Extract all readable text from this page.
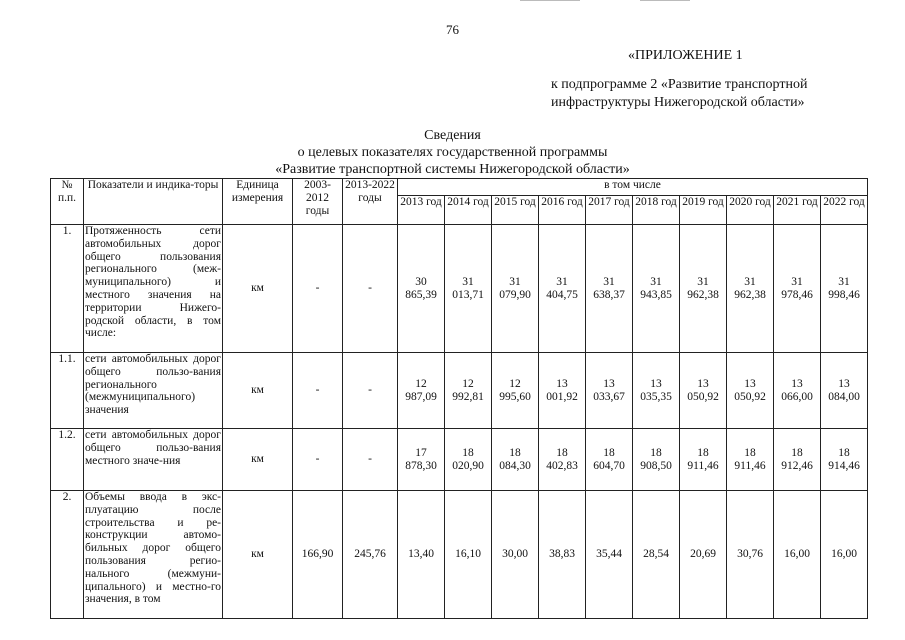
76
«ПРИЛОЖЕНИЕ 1
к подпрограмме 2 «Развитие транспортной
инфраструктуры Нижегородской области»
Сведения
о целевых показателях государственной программы
«Развитие транспортной системы Нижегородской области»
№ п.п.	Показатели и индика-торы	Единица измерения	2003-2012 годы	2013-2022 годы	в том числе									
					2013 год	2014 год	2015 год	2016 год	2017 год	2018 год	2019 год	2020 год	2021 год	2022 год
1.	Протяженность сети автомобильных дорог общего пользования регионального (меж-муниципального) и местного значения на территории Нижего-родской области, в том числе:	км	-	-	30 865,39	31 013,71	31 079,90	31 404,75	31 638,37	31 943,85	31 962,38	31 962,38	31 978,46	31 998,46
1.1.	сети автомобильных дорог общего пользо-вания регионального (межмуниципального) значения	км	-	-	12 987,09	12 992,81	12 995,60	13 001,92	13 033,67	13 035,35	13 050,92	13 050,92	13 066,00	13 084,00
1.2.	сети автомобильных дорог общего пользо-вания местного значе-ния	км	-	-	17 878,30	18 020,90	18 084,30	18 402,83	18 604,70	18 908,50	18 911,46	18 911,46	18 912,46	18 914,46
2.	Объемы ввода в экс-плуатацию после строительства и ре-конструкции автомо-бильных дорог общего пользования регио-нального (межмуни-ципального) и местно-го значения, в том	км	166,90	245,76	13,40	16,10	30,00	38,83	35,44	28,54	20,69	30,76	16,00	16,00
